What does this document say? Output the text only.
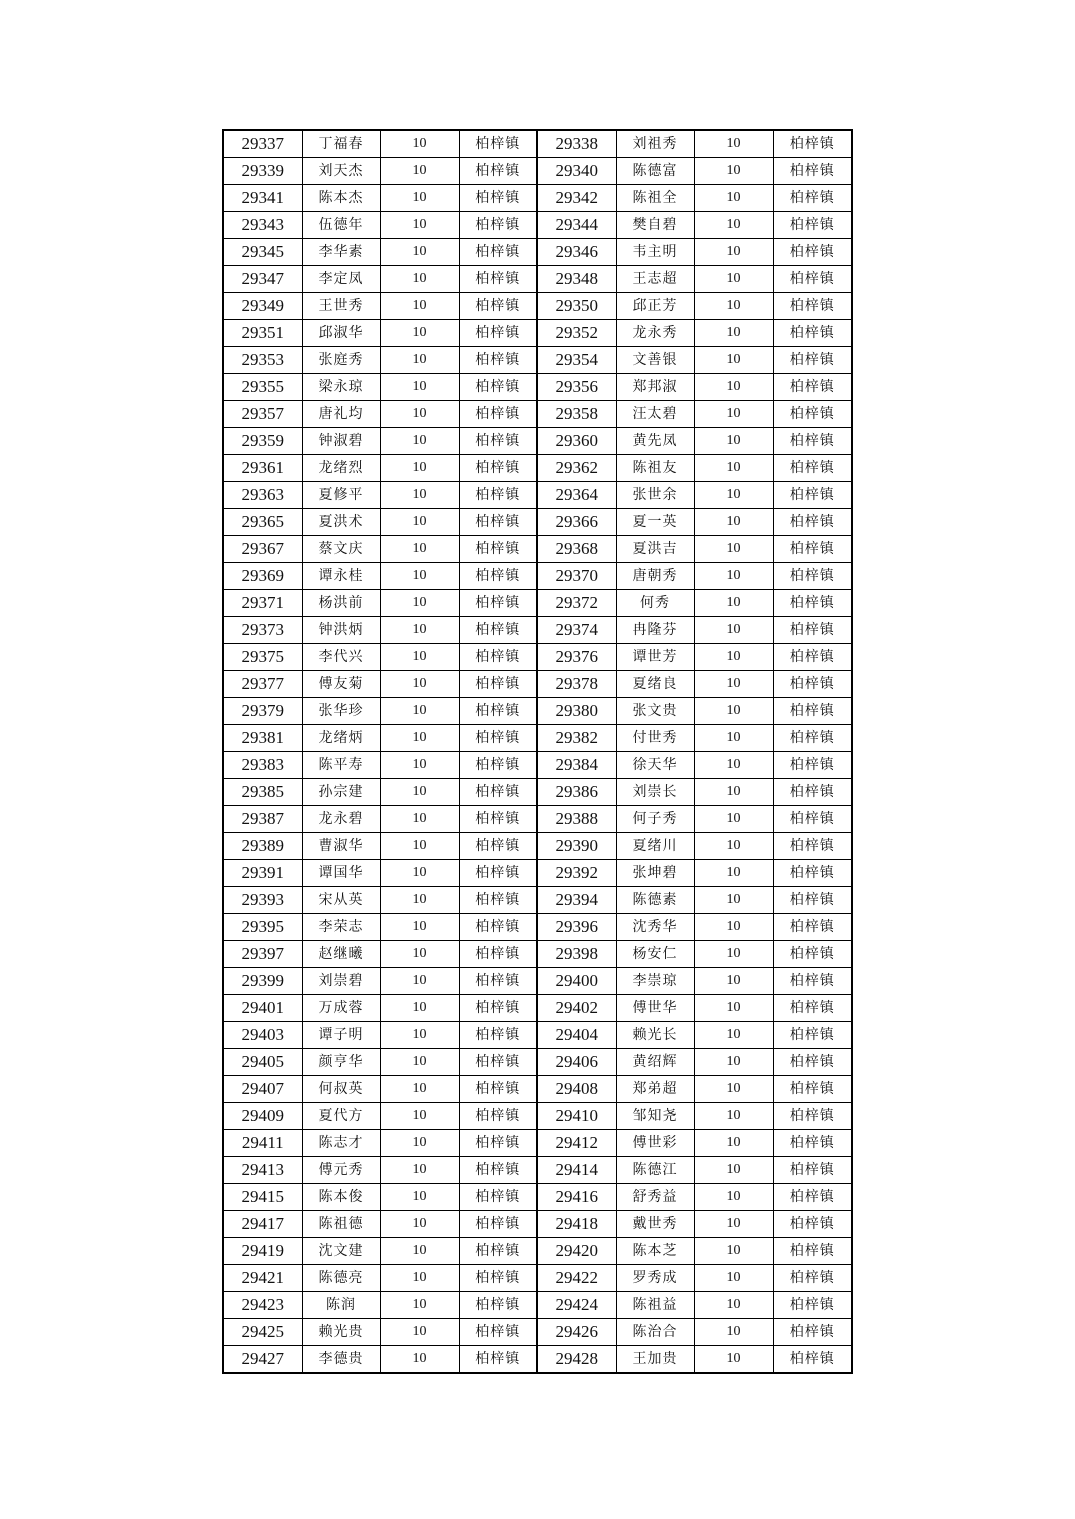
29337	丁福春	10	柏梓镇	29338	刘祖秀	10	柏梓镇
29339	刘天杰	10	柏梓镇	29340	陈德富	10	柏梓镇
29341	陈本杰	10	柏梓镇	29342	陈祖全	10	柏梓镇
29343	伍德年	10	柏梓镇	29344	樊自碧	10	柏梓镇
29345	李华素	10	柏梓镇	29346	韦主明	10	柏梓镇
29347	李定凤	10	柏梓镇	29348	王志超	10	柏梓镇
29349	王世秀	10	柏梓镇	29350	邱正芳	10	柏梓镇
29351	邱淑华	10	柏梓镇	29352	龙永秀	10	柏梓镇
29353	张庭秀	10	柏梓镇	29354	文善银	10	柏梓镇
29355	梁永琼	10	柏梓镇	29356	郑邦淑	10	柏梓镇
29357	唐礼均	10	柏梓镇	29358	汪太碧	10	柏梓镇
29359	钟淑碧	10	柏梓镇	29360	黄先凤	10	柏梓镇
29361	龙绪烈	10	柏梓镇	29362	陈祖友	10	柏梓镇
29363	夏修平	10	柏梓镇	29364	张世余	10	柏梓镇
29365	夏洪术	10	柏梓镇	29366	夏一英	10	柏梓镇
29367	蔡文庆	10	柏梓镇	29368	夏洪吉	10	柏梓镇
29369	谭永桂	10	柏梓镇	29370	唐朝秀	10	柏梓镇
29371	杨洪前	10	柏梓镇	29372	何秀	10	柏梓镇
29373	钟洪炳	10	柏梓镇	29374	冉隆芬	10	柏梓镇
29375	李代兴	10	柏梓镇	29376	谭世芳	10	柏梓镇
29377	傅友菊	10	柏梓镇	29378	夏绪良	10	柏梓镇
29379	张华珍	10	柏梓镇	29380	张文贵	10	柏梓镇
29381	龙绪炳	10	柏梓镇	29382	付世秀	10	柏梓镇
29383	陈平寿	10	柏梓镇	29384	徐天华	10	柏梓镇
29385	孙宗建	10	柏梓镇	29386	刘崇长	10	柏梓镇
29387	龙永碧	10	柏梓镇	29388	何子秀	10	柏梓镇
29389	曹淑华	10	柏梓镇	29390	夏绪川	10	柏梓镇
29391	谭国华	10	柏梓镇	29392	张坤碧	10	柏梓镇
29393	宋从英	10	柏梓镇	29394	陈德素	10	柏梓镇
29395	李荣志	10	柏梓镇	29396	沈秀华	10	柏梓镇
29397	赵继曦	10	柏梓镇	29398	杨安仁	10	柏梓镇
29399	刘崇碧	10	柏梓镇	29400	李崇琼	10	柏梓镇
29401	万成蓉	10	柏梓镇	29402	傅世华	10	柏梓镇
29403	谭子明	10	柏梓镇	29404	赖光长	10	柏梓镇
29405	颜亨华	10	柏梓镇	29406	黄绍辉	10	柏梓镇
29407	何叔英	10	柏梓镇	29408	郑弟超	10	柏梓镇
29409	夏代方	10	柏梓镇	29410	邹知尧	10	柏梓镇
29411	陈志才	10	柏梓镇	29412	傅世彩	10	柏梓镇
29413	傅元秀	10	柏梓镇	29414	陈德江	10	柏梓镇
29415	陈本俊	10	柏梓镇	29416	舒秀益	10	柏梓镇
29417	陈祖德	10	柏梓镇	29418	戴世秀	10	柏梓镇
29419	沈文建	10	柏梓镇	29420	陈本芝	10	柏梓镇
29421	陈德亮	10	柏梓镇	29422	罗秀成	10	柏梓镇
29423	陈润	10	柏梓镇	29424	陈祖益	10	柏梓镇
29425	赖光贵	10	柏梓镇	29426	陈治合	10	柏梓镇
29427	李德贵	10	柏梓镇	29428	王加贵	10	柏梓镇
